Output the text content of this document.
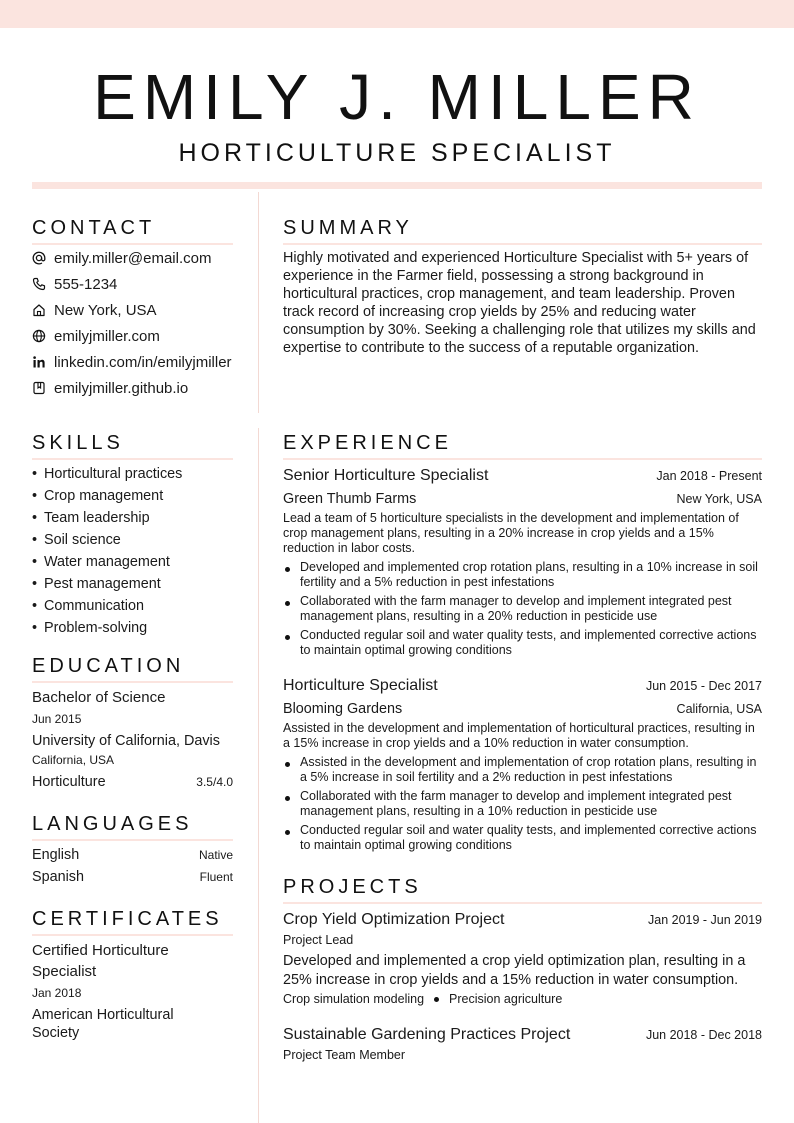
EMILY J. MILLER
HORTICULTURE SPECIALIST
CONTACT
emily.miller@email.com
555-1234
New York, USA
emilyjmiller.com
linkedin.com/in/emilyjmiller
emilyjmiller.github.io
SKILLS
• Horticultural practices
• Crop management
• Team leadership
• Soil science
• Water management
• Pest management
• Communication
• Problem-solving
EDUCATION
Bachelor of Science
Jun 2015
University of California, Davis
California, USA
Horticulture	3.5/4.0
LANGUAGES
English	Native
Spanish	Fluent
CERTIFICATES
Certified Horticulture
Specialist
Jan 2018
American Horticultural
Society
SUMMARY
Highly motivated and experienced Horticulture Specialist with 5+ years of experience in the Farmer field, possessing a strong background in horticultural practices, crop management, and team leadership. Proven track record of increasing crop yields by 25% and reducing water consumption by 30%. Seeking a challenging role that utilizes my skills and expertise to contribute to the success of a reputable organization.
EXPERIENCE
Senior Horticulture Specialist	Jan 2018 - Present
Green Thumb Farms	New York, USA
Lead a team of 5 horticulture specialists in the development and implementation of crop management plans, resulting in a 20% increase in crop yields and a 15% reduction in labor costs.
Developed and implemented crop rotation plans, resulting in a 10% increase in soil fertility and a 5% reduction in pest infestations
Collaborated with the farm manager to develop and implement integrated pest management plans, resulting in a 20% reduction in pesticide use
Conducted regular soil and water quality tests, and implemented corrective actions to maintain optimal growing conditions
Horticulture Specialist	Jun 2015 - Dec 2017
Blooming Gardens	California, USA
Assisted in the development and implementation of horticultural practices, resulting in a 15% increase in crop yields and a 10% reduction in water consumption.
Assisted in the development and implementation of crop rotation plans, resulting in a 5% increase in soil fertility and a 2% reduction in pest infestations
Collaborated with the farm manager to develop and implement integrated pest management plans, resulting in a 10% reduction in pesticide use
Conducted regular soil and water quality tests, and implemented corrective actions to maintain optimal growing conditions
PROJECTS
Crop Yield Optimization Project	Jan 2019 - Jun 2019
Project Lead
Developed and implemented a crop yield optimization plan, resulting in a 25% increase in crop yields and a 15% reduction in water consumption.
Crop simulation modeling Precision agriculture
Sustainable Gardening Practices Project	Jun 2018 - Dec 2018
Project Team Member
